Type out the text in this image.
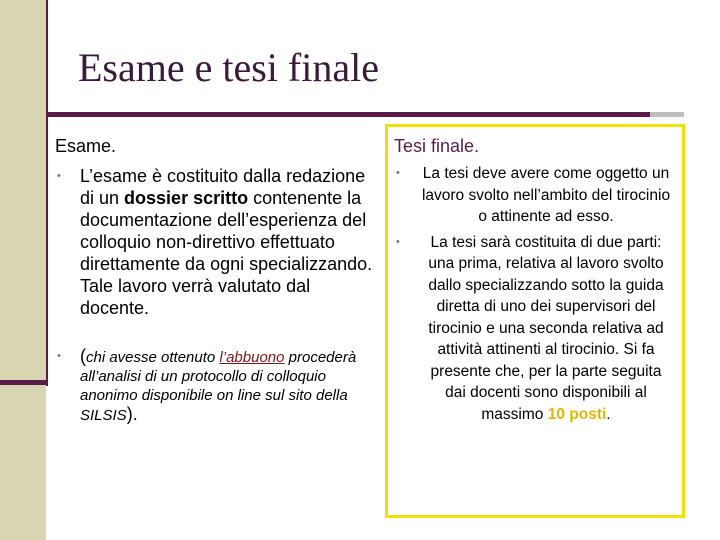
Esame e tesi finale
Esame.
• L’esame è costituito dalla redazione di un dossier scritto contenente la documentazione dell’esperienza del colloquio non-direttivo effettuato direttamente da ogni specializzando. Tale lavoro verrà valutato dal docente.
• (chi avesse ottenuto l’abbuono procederà all’analisi di un protocollo di colloquio anonimo disponibile on line sul sito della SILSIS).
Tesi finale.
• La tesi deve avere come oggetto un lavoro svolto nell’ambito del tirocinio o attinente ad esso.
• La tesi sarà costituita di due parti: una prima, relativa al lavoro svolto dallo specializzando sotto la guida diretta di uno dei supervisori del tirocinio e una seconda relativa ad attività attinenti al tirocinio. Si fa presente che, per la parte seguita dai docenti sono disponibili al massimo 10 posti.
